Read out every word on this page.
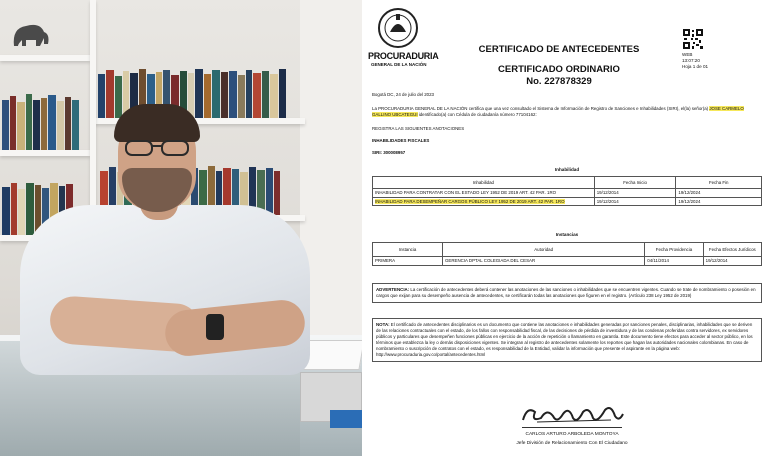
PROCURADURIA
GENERAL DE LA NACIÓN
CERTIFICADO DE ANTECEDENTES
CERTIFICADO ORDINARIO
No. 227878329
WEB
13:07:20
Hoja 1 de 01
Bogotá DC, 24 de julio del 2023
La PROCURADURIA GENERAL DE LA NACIÓN certifica que una vez consultado el Sistema de Información de Registro de Sanciones e Inhabilidades (SIRI), el(la) señor(a) JOSE CARMELO GALLINO UBCATEGUI identificado(a) con Cédula de ciudadanía número 77104162:
REGISTRA LAS SIGUIENTES ANOTACIONES
INHABILIDADES FISCALES
SIRI: 300008957
Inhabilidad
Inhabilidad	Fecha Inicio	Fecha Fin
INHABILIDAD PARA CONTRATAR CON EL ESTADO LEY 1952 DE 2019 ART. 42 PAR. 1RO	19/12/2014	19/12/2024
INHABILIDAD PARA DESEMPEÑAR CARGOS PÚBLICO LEY 1952 DE 2019 ART. 42 PAR. 1RO	19/12/2014	19/12/2024
Instancias
Instancia	Autoridad	Fecha Providencia	Fecha Efectos Jurídicos
PRIMERA	GERENCIA DPTAL COLEGIADA DEL CESAR	04/11/2014	19/12/2014
ADVERTENCIA: La certificación de antecedentes deberá contener las anotaciones de las sanciones o inhabilidades que se encuentren vigentes. Cuando se trate de nombramiento o posesión en cargos que exijan para su desempeño ausencia de antecedentes, se certificarán todas las anotaciones que figuren en el registro. (Artículo 238 Ley 1952 de 2019)
NOTA: El certificado de antecedentes disciplinarios es un documento que contiene las anotaciones e inhabilidades generadas por sanciones penales, disciplinarias, inhabilidades que se deriven de las relaciones contractuales con el estado, de los fallos con responsabilidad fiscal, de las decisiones de pérdida de investidura y de las condenas proferidas contra servidores, ex servidores públicos y particulares que desempeñen funciones públicas en ejercicio de la acción de repetición o llamamiento en garantía. Este documento tiene efectos para acceder al sector público, en los términos que establezca la ley o demás disposiciones vigentes. Se integran al registro de antecedentes solamente los reportes que hagan las autoridades nacionales colombianas. En caso de nombramiento o suscripción de contratos con el estado, es responsabilidad de la Entidad, validar la información que presente el aspirante en la página web: http://www.procuraduria.gov.co/portal/antecedentes.html
CARLOS ARTURO ARBOLEDA MONTOYA
Jefe División de Relacionamiento Con El Ciudadano
